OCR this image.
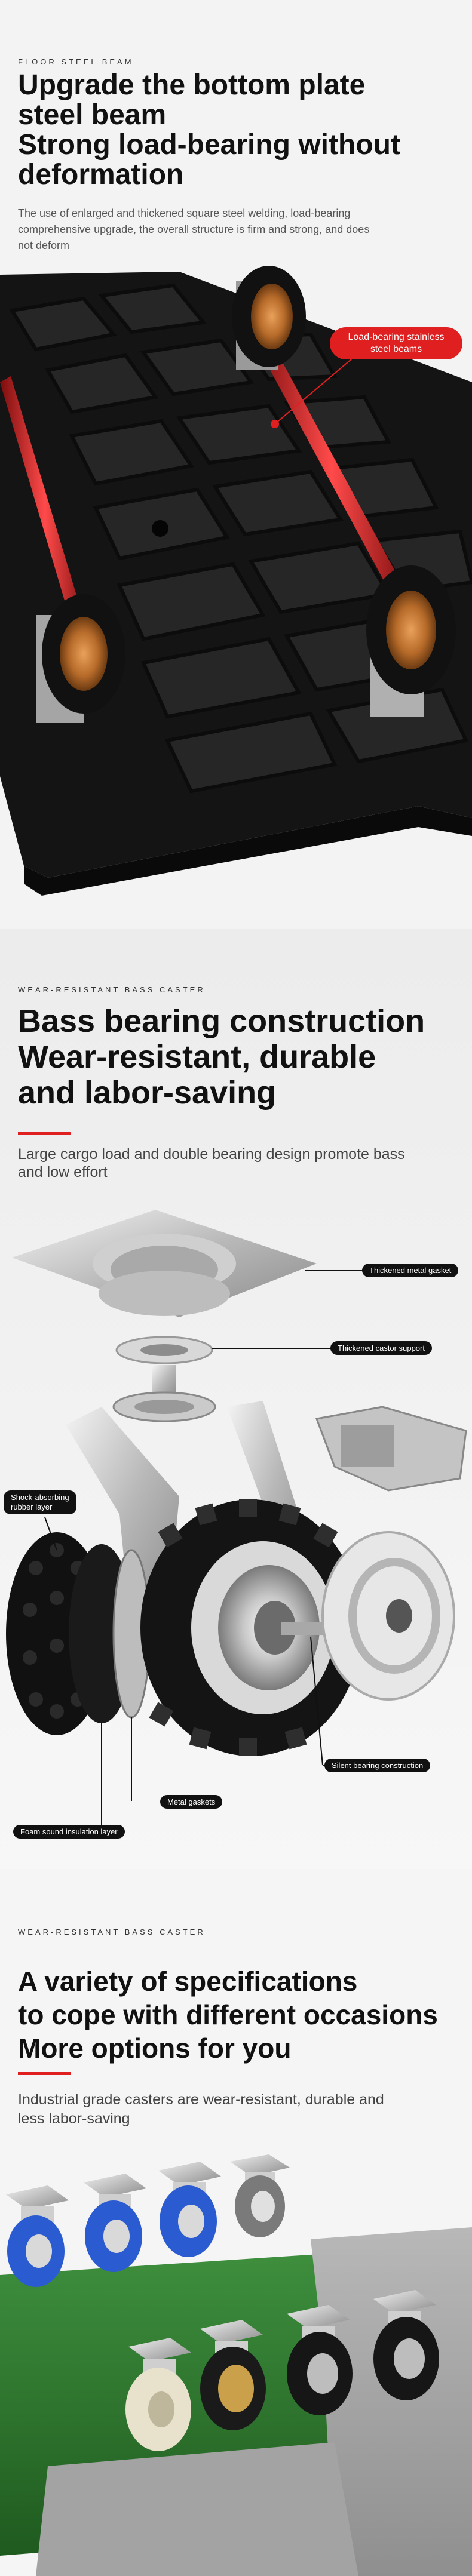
FLOOR STEEL BEAM
Upgrade the bottom plate
steel beam
Strong load-bearing without
deformation
The use of enlarged and thickened square steel welding, load-bearing
comprehensive upgrade, the overall structure is firm and strong, and does
not deform
Load-bearing stainless
steel beams
WEAR-RESISTANT BASS CASTER
Bass bearing construction
Wear-resistant, durable
and labor-saving
Large cargo load and double bearing design promote bass
and low effort
Thickened metal gasket
Thickened castor support
Shock-absorbing
rubber layer
Silent bearing construction
Metal gaskets
Foam sound insulation layer
WEAR-RESISTANT BASS CASTER
A variety of specifications
to cope with different occasions
More options for you
Industrial grade casters are wear-resistant, durable and
less labor-saving
